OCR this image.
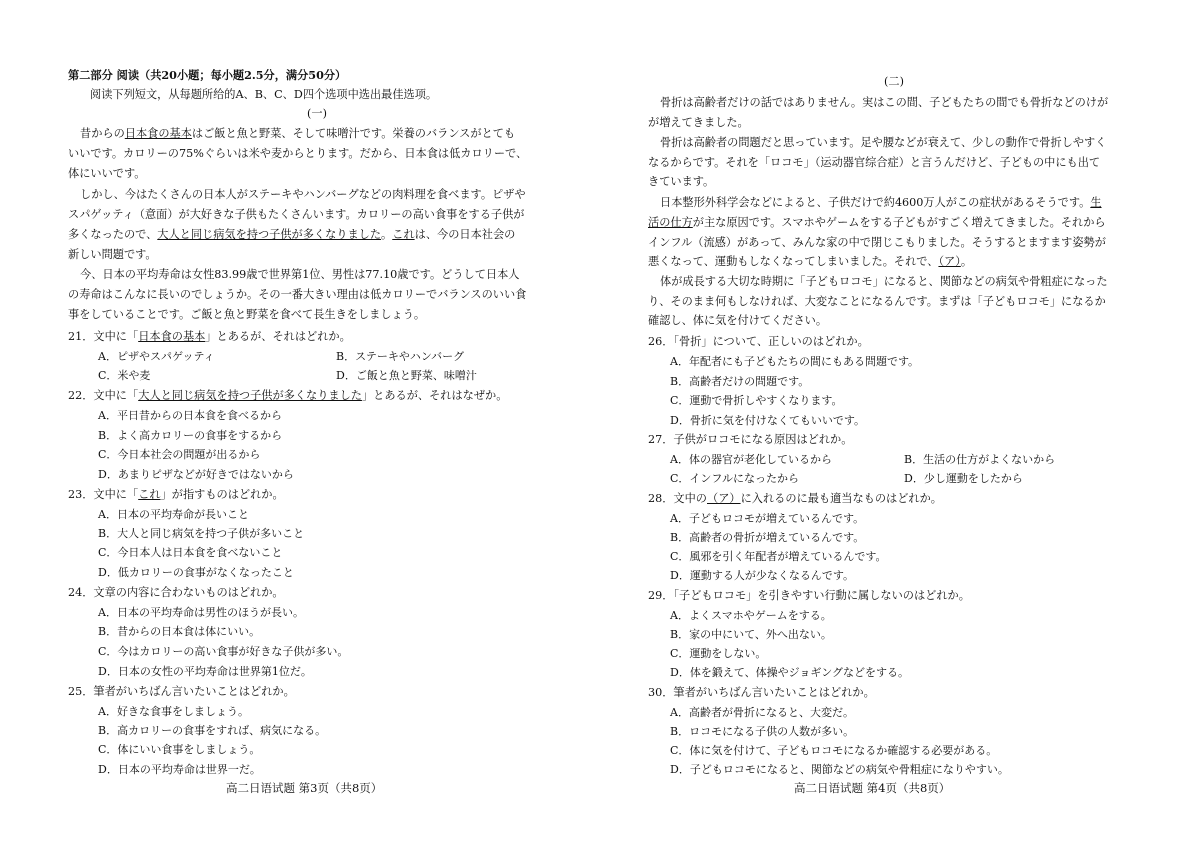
第二部分 阅读（共20小题；每小题2.5分，满分50分）
阅读下列短文，从每题所给的A、B、C、D四个选项中选出最佳选项。
(一)
昔からの日本食の基本はご飯と魚と野菜、そして味噌汁です。栄養のバランスがとても
いいです。カロリーの75%ぐらいは米や麦からとります。だから、日本食は低カロリーで、
体にいいです。
しかし、今はたくさんの日本人がステーキやハンバーグなどの肉料理を食べます。ピザや
スパゲッティ（意面）が大好きな子供もたくさんいます。カロリーの高い食事をする子供が
多くなったので、大人と同じ病気を持つ子供が多くなりました。これは、今の日本社会の
新しい問題です。
今、日本の平均寿命は女性83.99歳で世界第1位、男性は77.10歳です。どうして日本人
の寿命はこんなに長いのでしょうか。その一番大きい理由は低カロリーでバランスのいい食
事をしていることです。ご飯と魚と野菜を食べて長生きをしましょう。
21．文中に「日本食の基本」とあるが、それはどれか。
A．ピザやスパゲッティ	B．ステーキやハンバーグ
C．米や麦	D．ご飯と魚と野菜、味噌汁
22．文中に「大人と同じ病気を持つ子供が多くなりました」とあるが、それはなぜか。
A．平日昔からの日本食を食べるから
B．よく高カロリーの食事をするから
C．今日本社会の問題が出るから
D．あまりピザなどが好きではないから
23．文中に「これ」が指すものはどれか。
A．日本の平均寿命が長いこと
B．大人と同じ病気を持つ子供が多いこと
C．今日本人は日本食を食べないこと
D．低カロリーの食事がなくなったこと
24．文章の内容に合わないものはどれか。
A．日本の平均寿命は男性のほうが長い。
B．昔からの日本食は体にいい。
C．今はカロリーの高い食事が好きな子供が多い。
D．日本の女性の平均寿命は世界第1位だ。
25．筆者がいちばん言いたいことはどれか。
A．好きな食事をしましょう。
B．高カロリーの食事をすれば、病気になる。
C．体にいい食事をしましょう。
D．日本の平均寿命は世界一だ。
高二日语试题 第3页（共8页）
(二)
骨折は高齢者だけの話ではありません。実はこの間、子どもたちの間でも骨折などのけが
が増えてきました。
骨折は高齢者の問題だと思っています。足や腰などが衰えて、少しの動作で骨折しやすく
なるからです。それを「ロコモ」（运动器官综合症）と言うんだけど、子どもの中にも出て
きています。
日本整形外科学会などによると、子供だけで約4600万人がこの症状があるそうです。生
活の仕方が主な原因です。スマホやゲームをする子どもがすごく増えてきました。それから
インフル（流感）があって、みんな家の中で閉じこもりました。そうするとますます姿勢が
悪くなって、運動もしなくなってしまいました。それで、（ア）。
体が成長する大切な時期に「子どもロコモ」になると、関節などの病気や骨粗症になった
り、そのまま何もしなければ、大変なことになるんです。まずは「子どもロコモ」になるか
確認し、体に気を付けてください。
26．「骨折」について、正しいのはどれか。
A．年配者にも子どもたちの間にもある問題です。
B．高齢者だけの問題です。
C．運動で骨折しやすくなります。
D．骨折に気を付けなくてもいいです。
27．子供がロコモになる原因はどれか。
A．体の器官が老化しているから	B．生活の仕方がよくないから
C．インフルになったから	D．少し運動をしたから
28．文中の（ア）に入れるのに最も適当なものはどれか。
A．子どもロコモが増えているんです。
B．高齢者の骨折が増えているんです。
C．風邪を引く年配者が増えているんです。
D．運動する人が少なくなるんです。
29．「子どもロコモ」を引きやすい行動に属しないのはどれか。
A．よくスマホやゲームをする。
B．家の中にいて、外へ出ない。
C．運動をしない。
D．体を鍛えて、体操やジョギングなどをする。
30．筆者がいちばん言いたいことはどれか。
A．高齢者が骨折になると、大変だ。
B．ロコモになる子供の人数が多い。
C．体に気を付けて、子どもロコモになるか確認する必要がある。
D．子どもロコモになると、関節などの病気や骨粗症になりやすい。
高二日语试题 第4页（共8页）
